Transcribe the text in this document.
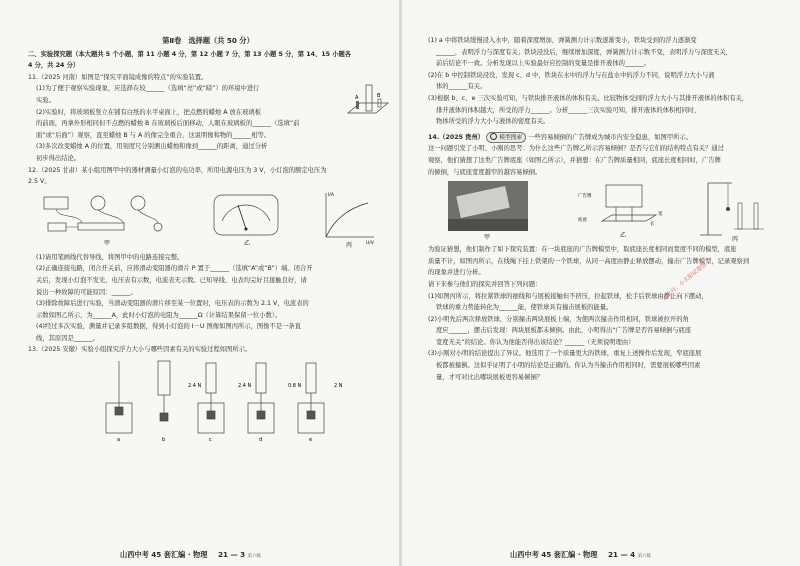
第Ⅱ卷　选择题（共 50 分）

二、实验探究题（本大题共 5 个小题，第 11 小题 4 分，第 12 小题 7 分，第 13 小题 5 分，第 14、15 小题各

4 分，共 24 分）

11.（2025 河南）如图是“探究平面镜成像的特点”的实验装置。

(1)为了便于观察实验现象，应选择在较______（选填“亮”或“暗”）的环境中进行

实验。

(2)实验时，将玻璃板竖立在铺有白纸的水平桌面上，把点燃的蜡烛 A 放在玻璃板

的前面，再拿外形相同但不点燃的蜡烛 B 在玻璃板后面移动，人眼在玻璃板的______（选填“前

面”或“后面”）观察，直至蜡烛 B 与 A 的像完全重合，这说明像和物的______相等。

(3)多次改变蜡烛 A 的位置，用刻度尺分别测出蜡烛和像到______的距离，通过分析

初步得出结论。

A	B

12.（2025 甘肃）某小组用图甲中的器材测量小灯泡的电功率，所用电源电压为 3 V，小灯泡的额定电压为

2.5 V。

甲	乙
I/A
U/V
丙

(1)请用笔画线代替导线，将图甲中的电路连接完整。

(2)正确连接电路，闭合开关前，应将滑动变阻器的滑片 P 置于______（选填“A”或“B”）端。闭合开

关后，发现小灯泡不发光，电压表有示数，电流表无示数。已知导线、电表均完好且接触良好，请

说出一种故障的可能原因：______。

(3)排除故障后进行实验，当滑动变阻器的滑片移至某一位置时，电压表的示数为 2.1 V，电流表的

示数如图乙所示，为______A，此时小灯泡的电阻为______Ω（计算结果保留一位小数）。

(4)经过多次实验，测量并记录多组数据，得到小灯泡的 I－U 图像如图丙所示，图像不是一条直

线，其原因是______。

13.（2025 安徽）实验小组探究浮力大小与哪些因素有关的实验过程如图所示。

2.4 N	2.4 N	0.8 N	2 N
a	b	c	d	e
山西中考 45 套汇编 · 物理 21 — 3 第六练

(1) a 中将铁块缓慢浸入水中，随着深度增加，弹簧测力计示数逐渐变小，铁块受到的浮力逐渐变

______，表明浮力与深度有关；铁块浸没后，继续增加深度，弹簧测力计示数不变，表明浮力与深度无关，

前后结论不一致。分析发现以上实验最好应控制的变量是排开液体的______。

(2)在 b 中控制铁块浸没，发现 c、d 中，铁块在水中的浮力与在盐水中的浮力不同，说明浮力大小与液

体的______有关。

(3)根据 b、c、e 三次实验可知，与铁块排开液体的体积有关。比较物体受到的浮力大小与其排开液体的体积有关，

排开液体的体积越大，所受的浮力______。分析______三次实验可知，排开液体的体积相同时，

物体所受的浮力大小与液体的密度有关。

14.（2025 贵州）	模型搜索 一些容易倾倒的广告牌成为城市内安全隐患，如图甲所示。

这一问题引发了小明、小刚的思考：为什么这些广告牌乙所示容易倾倒？是否与它们的结构特点有关？通过

观察，他们猜想了这类广告牌底座（如图乙所示），并猜想：在广告牌质量相同、底座长度相同时，广告牌

的倾倒，与底座宽度越窄的越容易倾倒。

甲
广告牌
底座
长
宽
乙
丙

为验证猜想，他们制作了如下探究装置：在一块底座的广告牌模型中，取底座长度相同而宽度不同的模型，底座

质量不计，如图丙所示，在线绳下挂上铁架的一个铁球，从同一高度由静止释放摆动，撞击广告牌模型，记录观察到

的现象并进行分析。

请下来参与他们的探究并回答下列问题：

(1)如图丙所示，将拉紧铁球的细线和与展板接触但不挤压，拉起铁球，松手后铁球由静止向下摆动，

铁球的重力势能转化为______能，使铁球具有撞击展板的能量。

(2)小明先后两次释放铁球，分别撞击两块展板上端，为使两次撞击作用相同，铁球被拉开的角

度应______，摆击后发现：两块展板都未倾倒。由此，小明得出“广告牌是否容易倾倒与底座

宽度无关”的结论。你认为他能否得出该结论？______（无须说明理由）

(3)小刚对小明的结论提出了异议。他选用了一个质量更大的铁球，重复上述操作后发现，窄底座展

板都被撞倒。这似乎证明了小明的结论是正确的。你认为当撞击作用相同时，需要展板哪些因素

量，才可对比出哪块展板更容易倾倒？

公众号：小太阳试卷馆
山西中考 45 套汇编 · 物理 21 — 4 第六练
